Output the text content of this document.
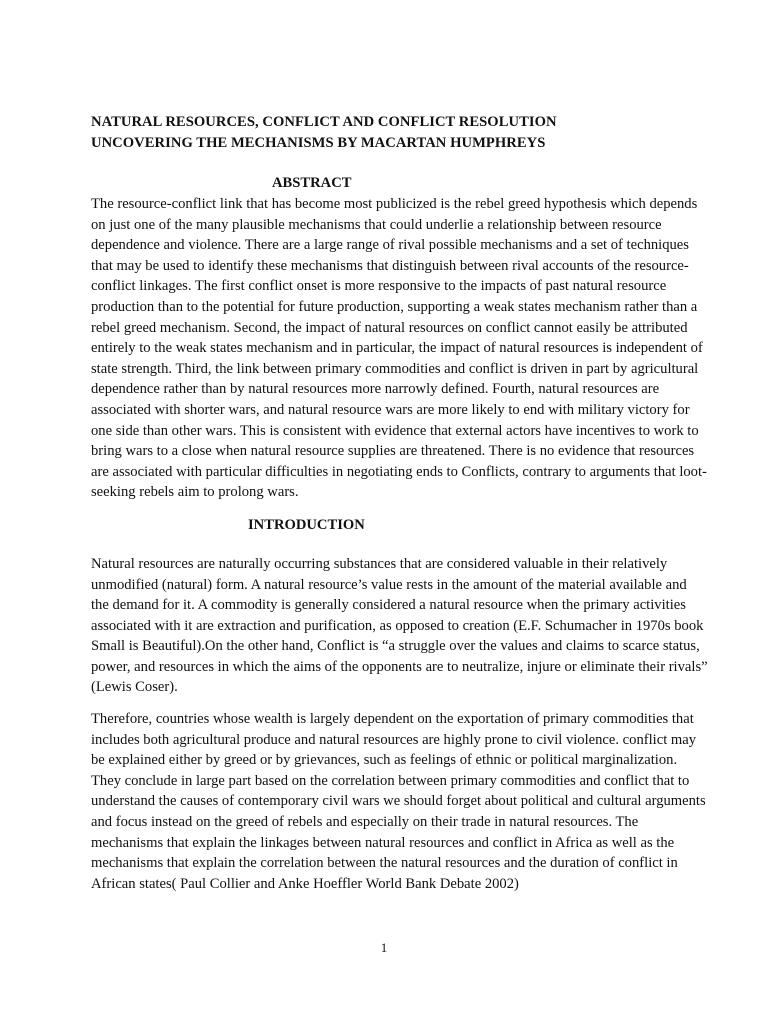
NATURAL RESOURCES, CONFLICT AND CONFLICT RESOLUTION

UNCOVERING THE MECHANISMS BY MACARTAN HUMPHREYS

ABSTRACT

The resource-conflict link that has become most publicized is the rebel greed hypothesis which depends on just one of the many plausible mechanisms that could underlie a relationship between resource dependence and violence. There are a large range of rival possible mechanisms and a set of techniques that may be used to identify these mechanisms that distinguish between rival accounts of the resource-conflict linkages. The first conflict onset is more responsive to the impacts of past natural resource production than to the potential for future production, supporting a weak states mechanism rather than a rebel greed mechanism. Second, the impact of natural resources on conflict cannot easily be attributed entirely to the weak states mechanism and in particular, the impact of natural resources is independent of state strength. Third, the link between primary commodities and conflict is driven in part by agricultural dependence rather than by natural resources more narrowly defined. Fourth, natural resources are associated with shorter wars, and natural resource wars are more likely to end with military victory for one side than other wars. This is consistent with evidence that external actors have incentives to work to bring wars to a close when natural resource supplies are threatened. There is no evidence that resources are associated with particular difficulties in negotiating ends to Conflicts, contrary to arguments that loot-seeking rebels aim to prolong wars.

INTRODUCTION

Natural resources are naturally occurring substances that are considered valuable in their relatively unmodified (natural) form. A natural resource’s value rests in the amount of the material available and the demand for it. A commodity is generally considered a natural resource when the primary activities associated with it are extraction and purification, as opposed to creation (E.F. Schumacher in 1970s book Small is Beautiful).On the other hand, Conflict is “a struggle over the values and claims to scarce status, power, and resources in which the aims of the opponents are to neutralize, injure or eliminate their rivals” (Lewis Coser).

Therefore, countries whose wealth is largely dependent on the exportation of primary commodities that includes both agricultural produce and natural resources are highly prone to civil violence. conflict may be explained either by greed or by grievances, such as feelings of ethnic or political marginalization. They conclude in large part based on the correlation between primary commodities and conflict that to understand the causes of contemporary civil wars we should forget about political and cultural arguments and focus instead on the greed of rebels and especially on their trade in natural resources. The mechanisms that explain the linkages between natural resources and conflict in Africa as well as the mechanisms that explain the correlation between the natural resources and the duration of conflict in African states( Paul Collier and Anke Hoeffler World Bank Debate 2002)

1
